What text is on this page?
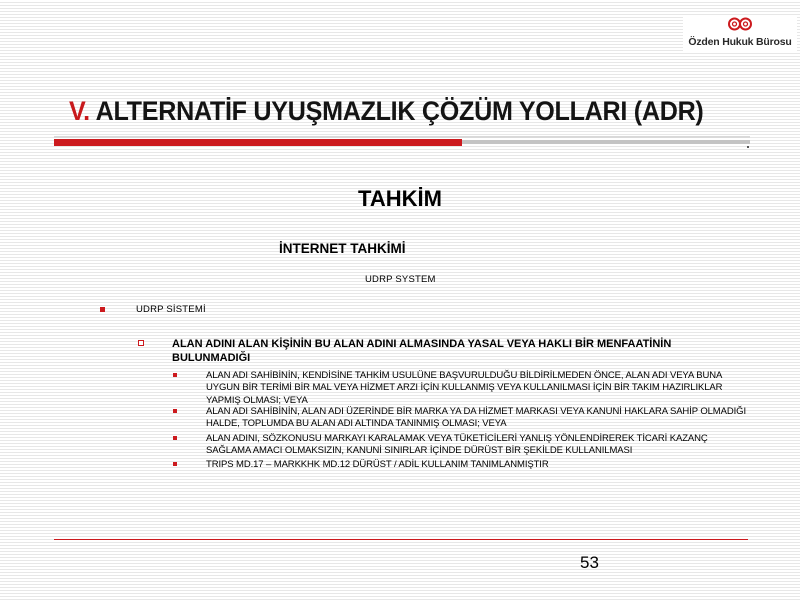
Özden Hukuk Bürosu
V. ALTERNATİF UYUŞMAZLIK ÇÖZÜM YOLLARI (ADR)
TAHKİM
İNTERNET TAHKİMİ

UDRP SYSTEM

UDRP SİSTEMİ
ALAN ADINI ALAN KİŞİNİN BU ALAN ADINI ALMASINDA YASAL VEYA HAKLI BİR MENFAATİNİN BULUNMADIĞI
ALAN ADI SAHİBİNİN, KENDİSİNE TAHKİM USULÜNE BAŞVURULDUĞU BİLDİRİLMEDEN ÖNCE, ALAN ADI VEYA BUNA UYGUN BİR TERİMİ BİR MAL VEYA HİZMET ARZI İÇİN KULLANMIŞ VEYA KULLANILMASI İÇİN BİR TAKIM HAZIRLIKLAR YAPMIŞ OLMASI; VEYA
ALAN ADI SAHİBİNİN, ALAN ADI ÜZERİNDE BİR MARKA YA DA HİZMET MARKASI VEYA KANUNİ HAKLARA SAHİP OLMADIĞI HALDE, TOPLUMDA BU ALAN ADI ALTINDA TANINMIŞ OLMASI; VEYA
ALAN ADINI, SÖZKONUSU MARKAYI KARALAMAK VEYA TÜKETİCİLERİ YANLIŞ YÖNLENDİREREK TİCARİ KAZANÇ SAĞLAMA AMACI OLMAKSIZIN, KANUNİ SINIRLAR İÇİNDE DÜRÜST BİR ŞEKİLDE KULLANILMASI
TRIPS MD.17 – MARKKHK MD.12 DÜRÜST / ADİL KULLANIM TANIMLANMIŞTIR
53
